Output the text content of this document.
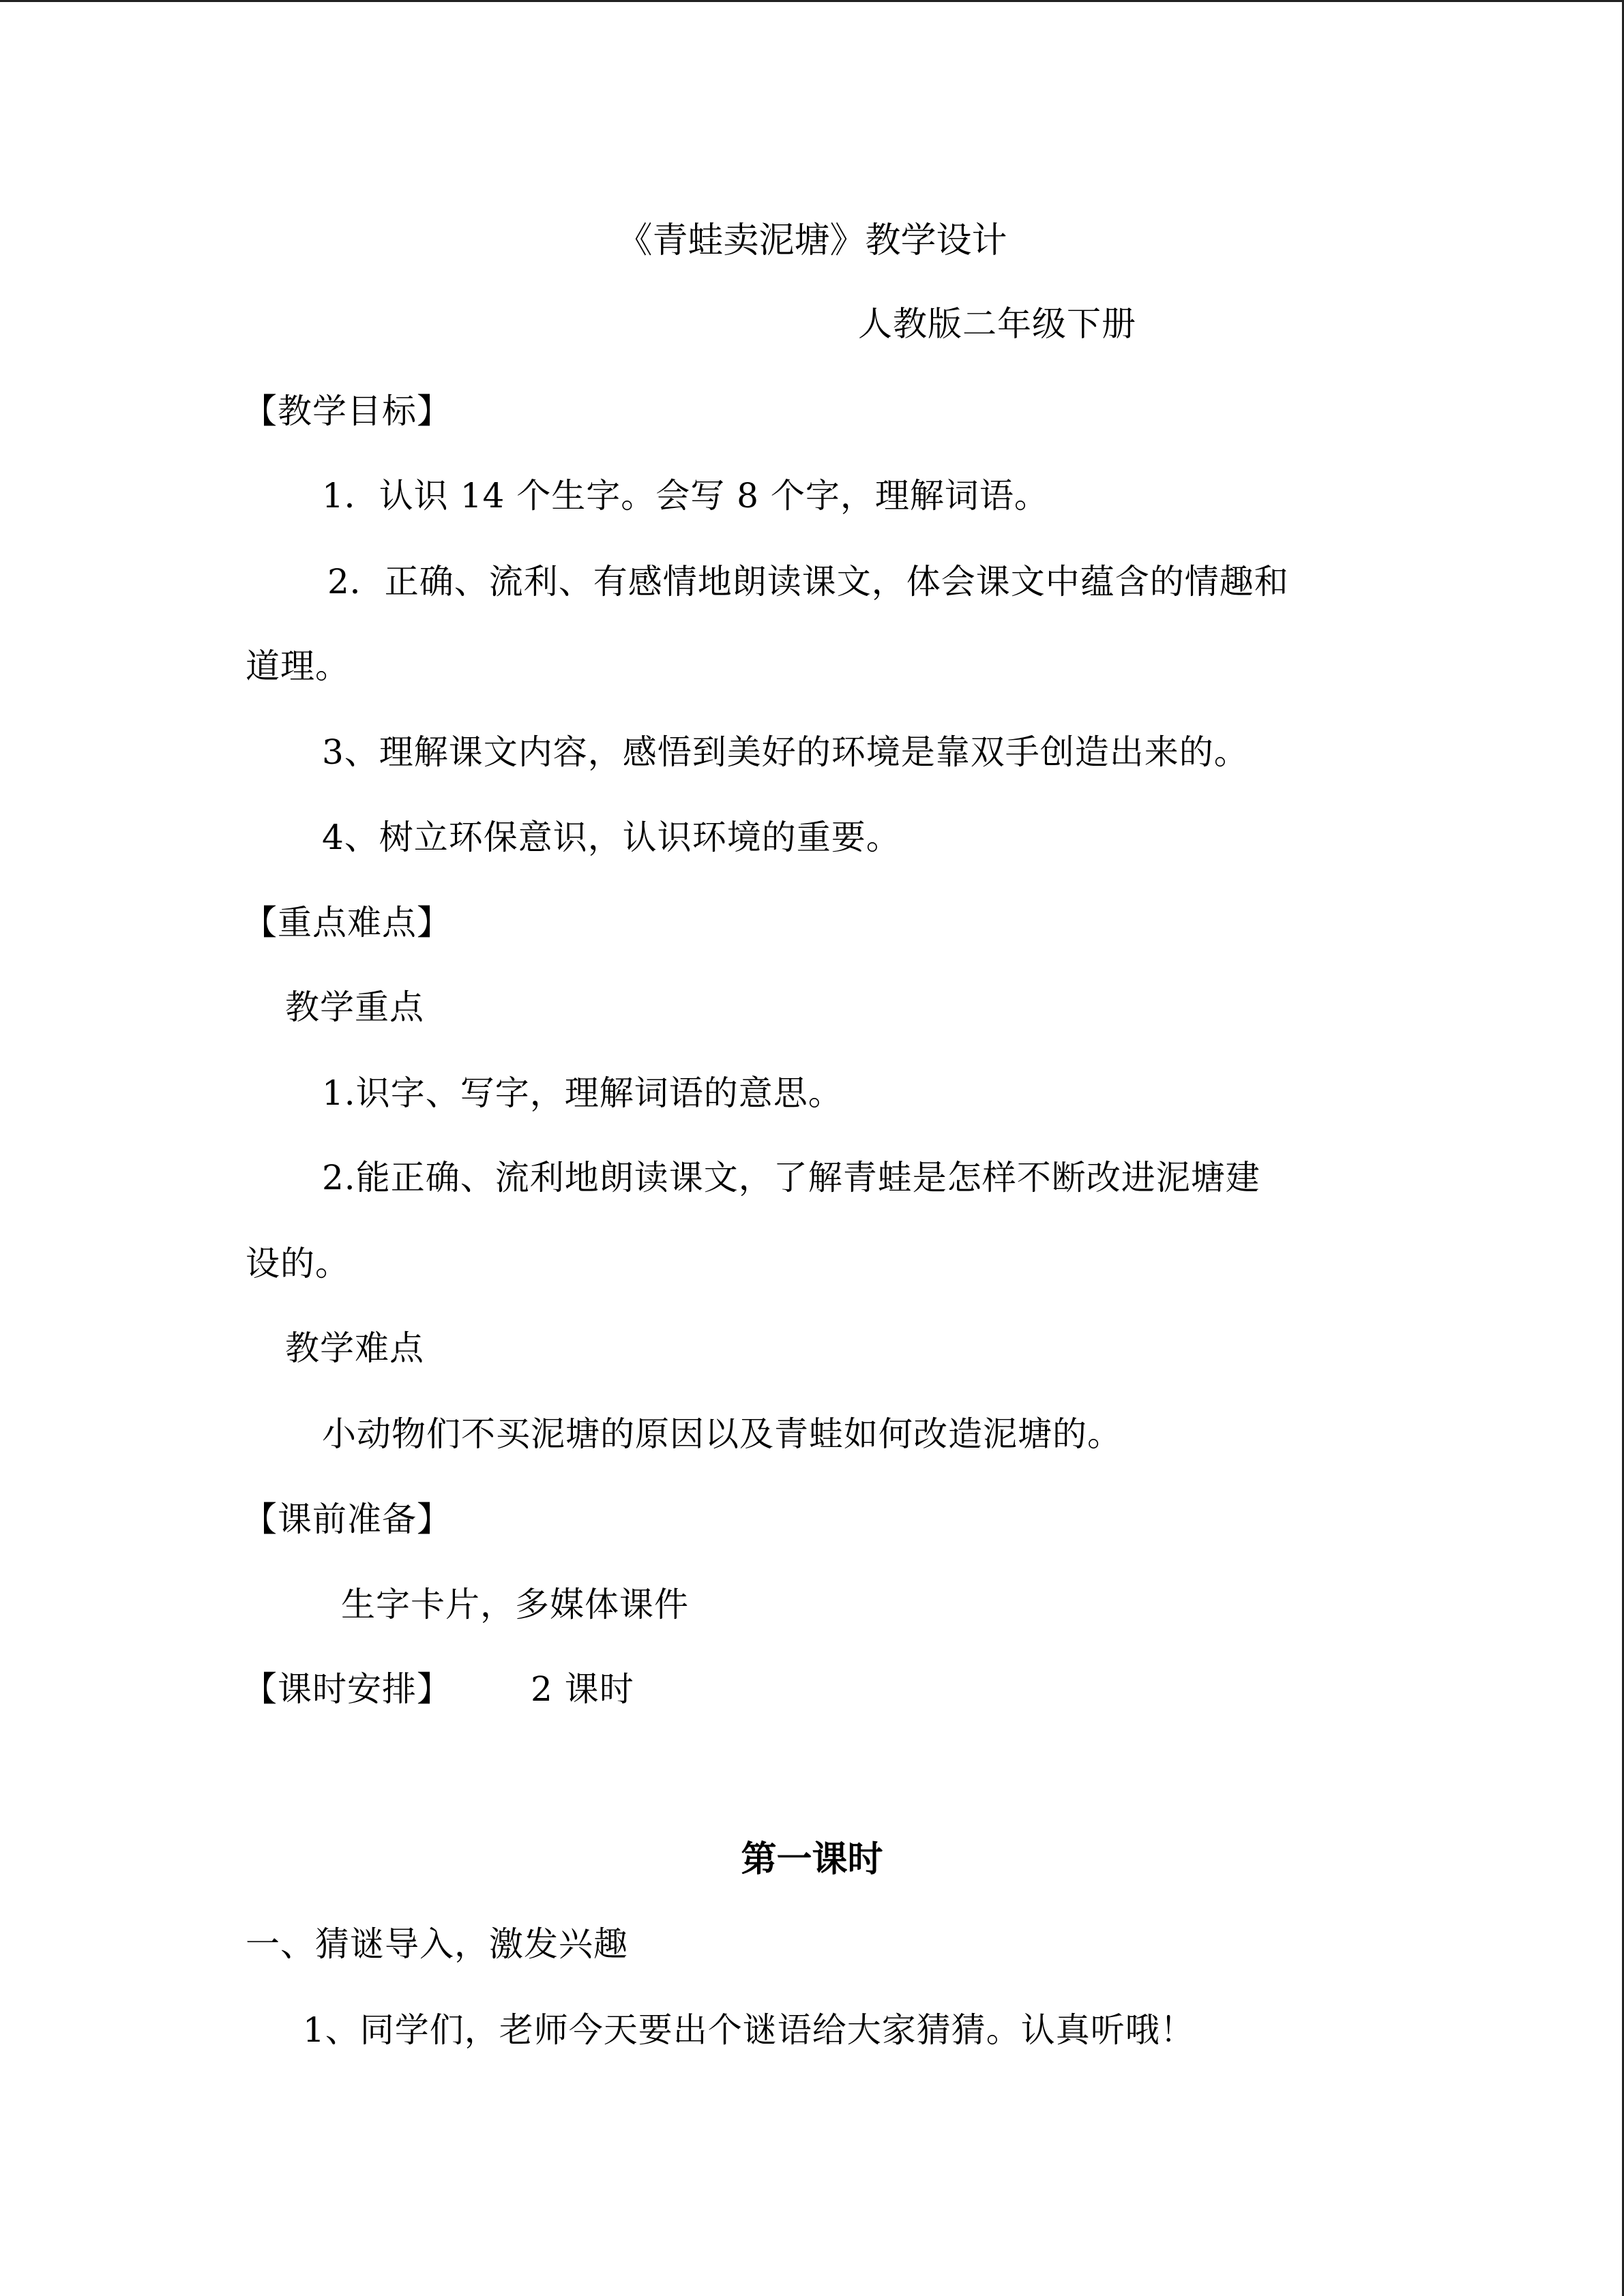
《青蛙卖泥塘》教学设计
人教版二年级下册
【教学目标】
1．认识 14 个生字。会写 8 个字，理解词语。
2．正确、流利、有感情地朗读课文，体会课文中蕴含的情趣和
道理。
3、理解课文内容，感悟到美好的环境是靠双手创造出来的。
4、树立环保意识，认识环境的重要。
【重点难点】
教学重点
1.识字、写字，理解词语的意思。
2.能正确、流利地朗读课文，了解青蛙是怎样不断改进泥塘建
设的。
教学难点
小动物们不买泥塘的原因以及青蛙如何改造泥塘的。
【课前准备】
生字卡片，多媒体课件
【课时安排】 2 课时
第一课时
一、猜谜导入，激发兴趣
1、同学们，老师今天要出个谜语给大家猜猜。认真听哦！
